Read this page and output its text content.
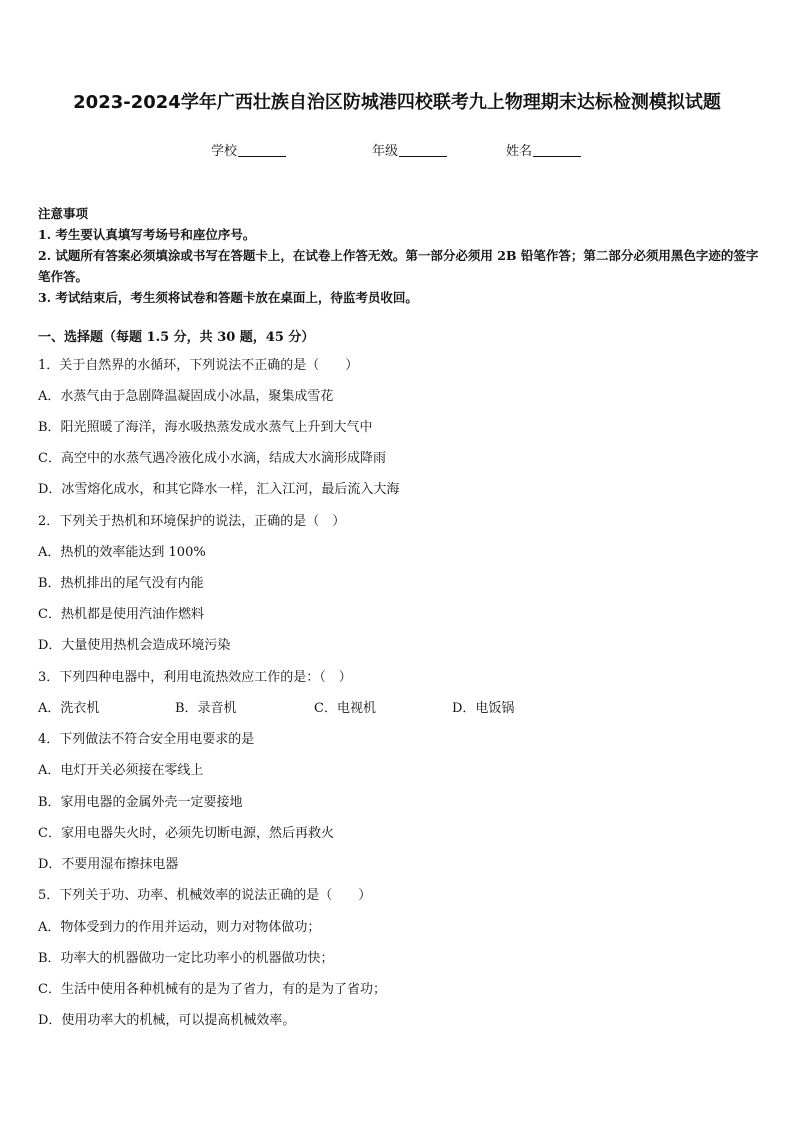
2023-2024学年广西壮族自治区防城港四校联考九上物理期末达标检测模拟试题
学校	年级	姓名
注意事项
1. 考生要认真填写考场号和座位序号。
2. 试题所有答案必须填涂或书写在答题卡上，在试卷上作答无效。第一部分必须用 2B 铅笔作答；第二部分必须用黑色字迹的签字笔作答。
3. 考试结束后，考生须将试卷和答题卡放在桌面上，待监考员收回。
一、选择题（每题 1.5 分，共 30 题，45 分）
1．关于自然界的水循环，下列说法不正确的是（　　）
A．水蒸气由于急剧降温凝固成小冰晶，聚集成雪花
B．阳光照暖了海洋，海水吸热蒸发成水蒸气上升到大气中
C．高空中的水蒸气遇冷液化成小水滴，结成大水滴形成降雨
D．冰雪熔化成水，和其它降水一样，汇入江河，最后流入大海
2．下列关于热机和环境保护的说法，正确的是（　）
A．热机的效率能达到 100%
B．热机排出的尾气没有内能
C．热机都是使用汽油作燃料
D．大量使用热机会造成环境污染
3．下列四种电器中，利用电流热效应工作的是：（　）
A．洗衣机	B．录音机	C．电视机	D．电饭锅
4．下列做法不符合安全用电要求的是
A．电灯开关必须接在零线上
B．家用电器的金属外壳一定要接地
C．家用电器失火时，必须先切断电源，然后再救火
D．不要用湿布擦抹电器
5．下列关于功、功率、机械效率的说法正确的是（　　）
A．物体受到力的作用并运动，则力对物体做功；
B．功率大的机器做功一定比功率小的机器做功快；
C．生活中使用各种机械有的是为了省力，有的是为了省功；
D．使用功率大的机械，可以提高机械效率。
